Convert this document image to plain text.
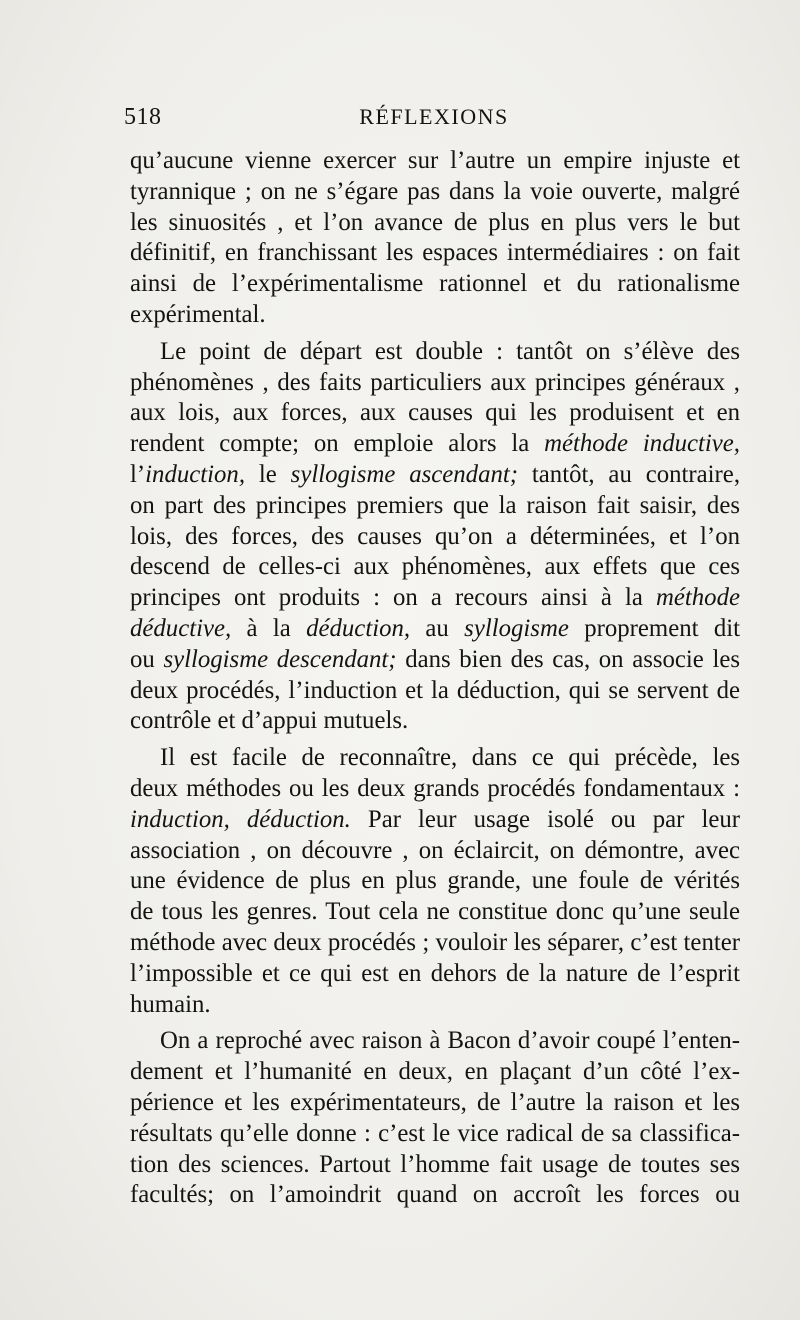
518	RÉFLEXIONS
qu’aucune vienne exercer sur l’autre un empire injuste et
tyrannique ; on ne s’égare pas dans la voie ouverte, malgré
les sinuosités , et l’on avance de plus en plus vers le but
définitif, en franchissant les espaces intermédiaires : on fait
ainsi de l’expérimentalisme rationnel et du rationalisme
expérimental.
Le point de départ est double : tantôt on s’élève des
phénomènes , des faits particuliers aux principes généraux ,
aux lois, aux forces, aux causes qui les produisent et en
rendent compte; on emploie alors la méthode inductive,
l’induction, le syllogisme ascendant; tantôt, au contraire,
on part des principes premiers que la raison fait saisir, des
lois, des forces, des causes qu’on a déterminées, et l’on
descend de celles-ci aux phénomènes, aux effets que ces
principes ont produits : on a recours ainsi à la méthode
déductive, à la déduction, au syllogisme proprement dit
ou syllogisme descendant; dans bien des cas, on associe les
deux procédés, l’induction et la déduction, qui se servent de
contrôle et d’appui mutuels.
Il est facile de reconnaître, dans ce qui précède, les
deux méthodes ou les deux grands procédés fondamentaux :
induction, déduction. Par leur usage isolé ou par leur
association , on découvre , on éclaircit, on démontre, avec
une évidence de plus en plus grande, une foule de vérités
de tous les genres. Tout cela ne constitue donc qu’une seule
méthode avec deux procédés ; vouloir les séparer, c’est tenter
l’impossible et ce qui est en dehors de la nature de l’esprit
humain.
On a reproché avec raison à Bacon d’avoir coupé l’enten-
dement et l’humanité en deux, en plaçant d’un côté l’ex-
périence et les expérimentateurs, de l’autre la raison et les
résultats qu’elle donne : c’est le vice radical de sa classifica-
tion des sciences. Partout l’homme fait usage de toutes ses
facultés; on l’amoindrit quand on accroît les forces ou
